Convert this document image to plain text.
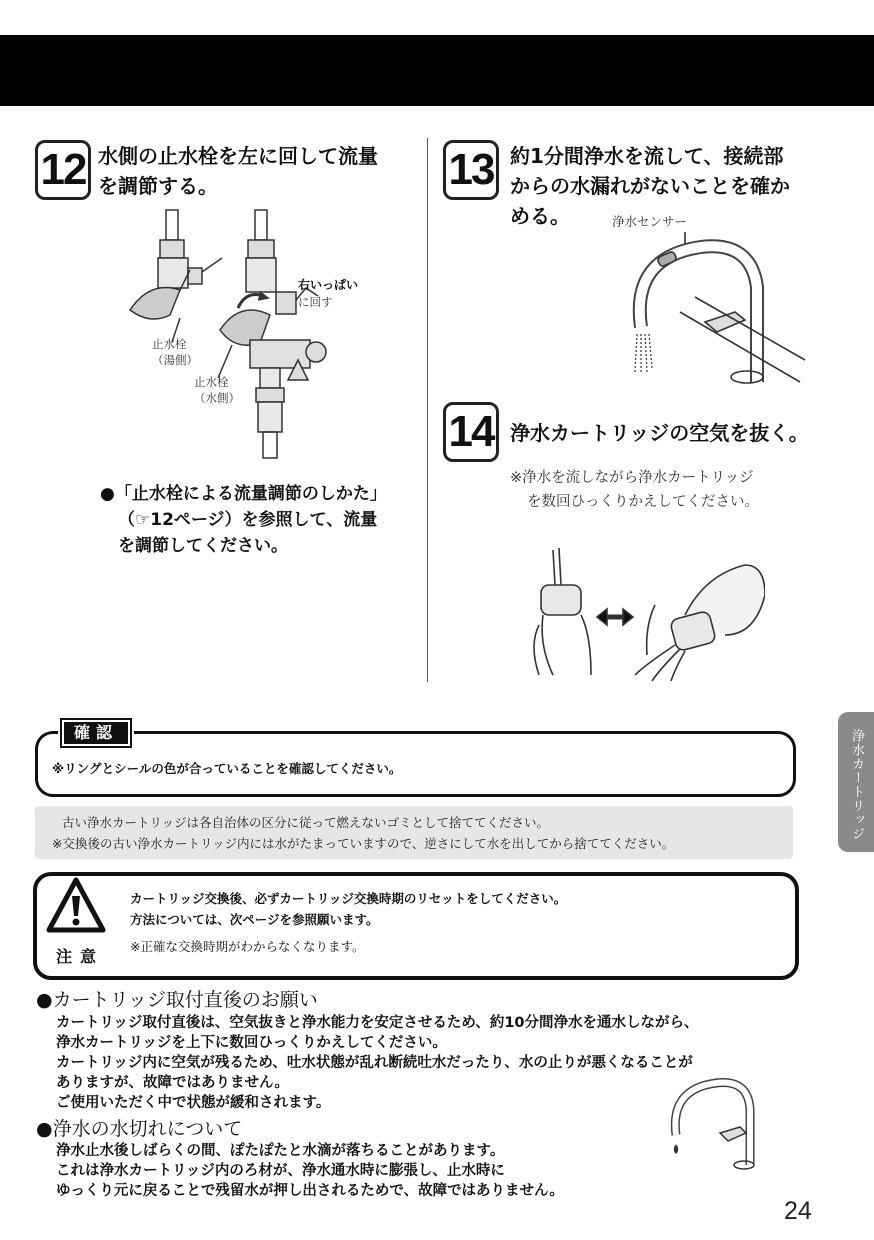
12 水側の止水栓を左に回して流量
を調節する。
右いっぱい
に回す
止水栓
（湯側）
止水栓
（水側）
●「止水栓による流量調節のしかた」
（☞12ページ）を参照して、流量
を調節してください。
13 約1分間浄水を流して、接続部
からの水漏れがないことを確か
める。	浄水センサー
14 浄水カートリッジの空気を抜く。
※浄水を流しながら浄水カートリッジ
を数回ひっくりかえしてください。
確認
※リングとシールの色が合っていることを確認してください。
古い浄水カートリッジは各自治体の区分に従って燃えないゴミとして捨ててください。
※交換後の古い浄水カートリッジ内には水がたまっていますので、逆さにして水を出してから捨ててください。
注意
カートリッジ交換後、必ずカートリッジ交換時期のリセットをしてください。
方法については、次ページを参照願います。
※正確な交換時期がわからなくなります。
●カートリッジ取付直後のお願い
カートリッジ取付直後は、空気抜きと浄水能力を安定させるため、約10分間浄水を通水しながら、
浄水カートリッジを上下に数回ひっくりかえしてください。
カートリッジ内に空気が残るため、吐水状態が乱れ断続吐水だったり、水の止りが悪くなることが
ありますが、故障ではありません。
ご使用いただく中で状態が緩和されます。
●浄水の水切れについて
浄水止水後しばらくの間、ぽたぽたと水滴が落ちることがあります。
これは浄水カートリッジ内のろ材が、浄水通水時に膨張し、止水時に
ゆっくり元に戻ることで残留水が押し出されるためで、故障ではありません。
浄水カートリッジ
24
